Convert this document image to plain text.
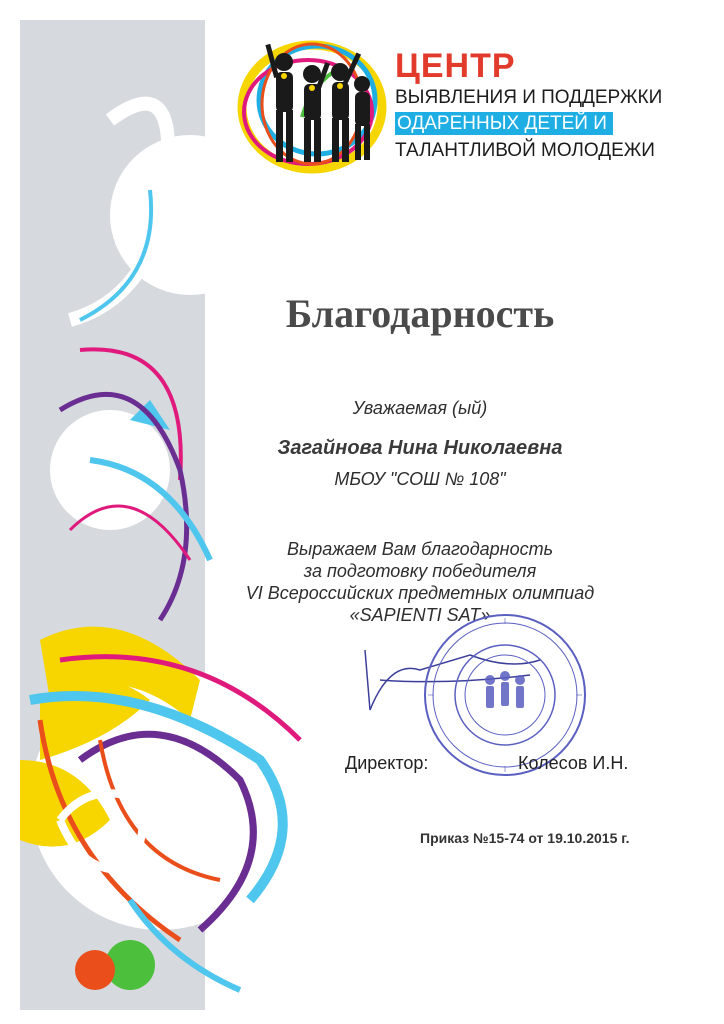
ЦЕНТР
ВЫЯВЛЕНИЯ И ПОДДЕРЖКИ
ОДАРЕННЫХ ДЕТЕЙ И
ТАЛАНТЛИВОЙ МОЛОДЕЖИ
Благодарность
Уважаемая (ый)
Загайнова Нина Николаевна
МБОУ "СОШ № 108"
Выражаем Вам благодарность
за подготовку победителя
VI Всероссийских предметных олимпиад
«SAPIENTI SAT»
Директор:	Колесов И.Н.
Приказ №15-74 от 19.10.2015 г.
